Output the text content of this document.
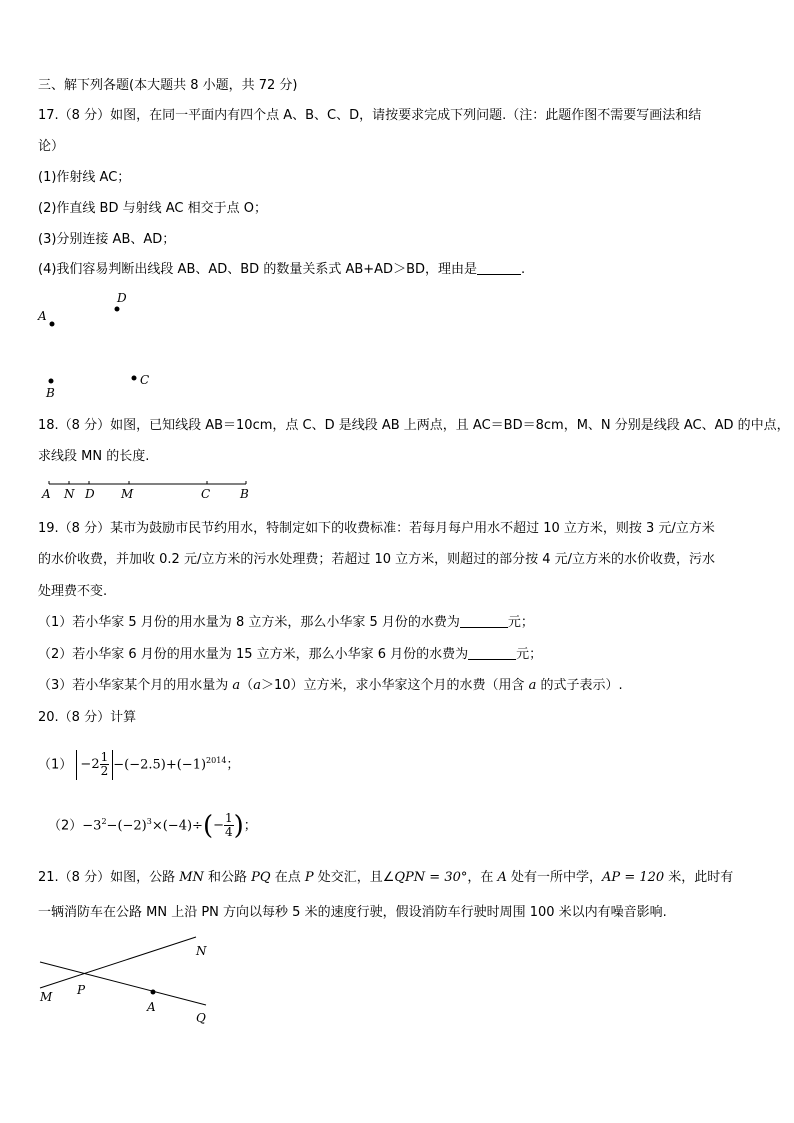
三、解下列各题(本大题共 8 小题，共 72 分)
17.（8 分）如图，在同一平面内有四个点 A、B、C、D，请按要求完成下列问题.（注：此题作图不需要写画法和结
论）
(1)作射线 AC；
(2)作直线 BD 与射线 AC 相交于点 O；
(3)分别连接 AB、AD；
(4)我们容易判断出线段 AB、AD、BD 的数量关系式 AB+AD＞BD，理由是	.
A
D
B
C
18.（8 分）如图，已知线段 AB＝10cm，点 C、D 是线段 AB 上两点，且 AC＝BD＝8cm，M、N 分别是线段 AC、AD 的中点，
求线段 MN 的长度.
A N D M	C B
19.（8 分）某市为鼓励市民节约用水，特制定如下的收费标准：若每月每户用水不超过 10 立方米，则按 3 元/立方米
的水价收费，并加收 0.2 元/立方米的污水处理费；若超过 10 立方米，则超过的部分按 4 元/立方米的水价收费，污水
处理费不变.
（1）若小华家 5 月份的用水量为 8 立方米，那么小华家 5 月份的水费为	元；
（2）若小华家 6 月份的用水量为 15 立方米，那么小华家 6 月份的水费为	元；
（3）若小华家某个月的用水量为 a（a＞10）立方米，求小华家这个月的水费（用含 a 的式子表示）.
20.（8 分）计算
$(1) -2 \frac{1}{2} -(-2.5)+(-1)^{2014}$；
$(2)-3^2-(-2)^3\times(-4)\div(- \frac{1}{4}$ )；
21.（8 分）如图，公路 MN 和公路 PQ 在点 P 处交汇，且∠QPN = 30°，在 A 处有一所中学，AP = 120 米，此时有
一辆消防车在公路 MN 上沿 PN 方向以每秒 5 米的速度行驶，假设消防车行驶时周围 100 米以内有噪音影响.
N
M P
A
Q
